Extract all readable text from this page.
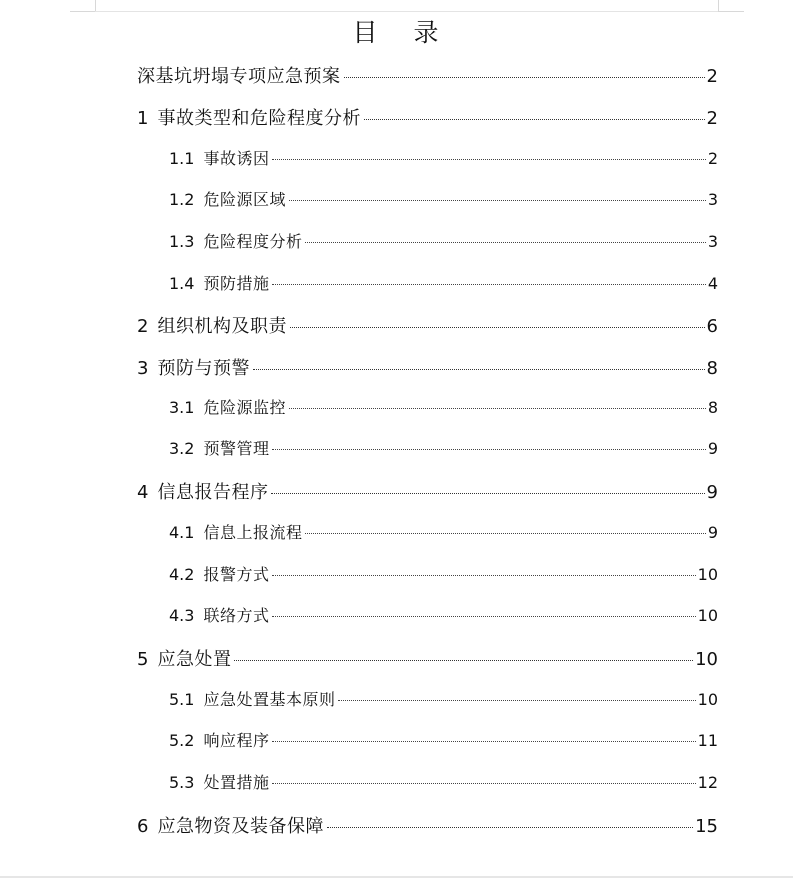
目 录
深基坑坍塌专项应急预案	2
1 事故类型和危险程度分析	2
1.1 事故诱因	2
1.2 危险源区域	3
1.3 危险程度分析	3
1.4 预防措施	4
2 组织机构及职责	6
3 预防与预警	8
3.1 危险源监控	8
3.2 预警管理	9
4 信息报告程序	9
4.1 信息上报流程	9
4.2 报警方式	10
4.3 联络方式	10
5 应急处置	10
5.1 应急处置基本原则	10
5.2 响应程序	11
5.3 处置措施	12
6 应急物资及装备保障	15
